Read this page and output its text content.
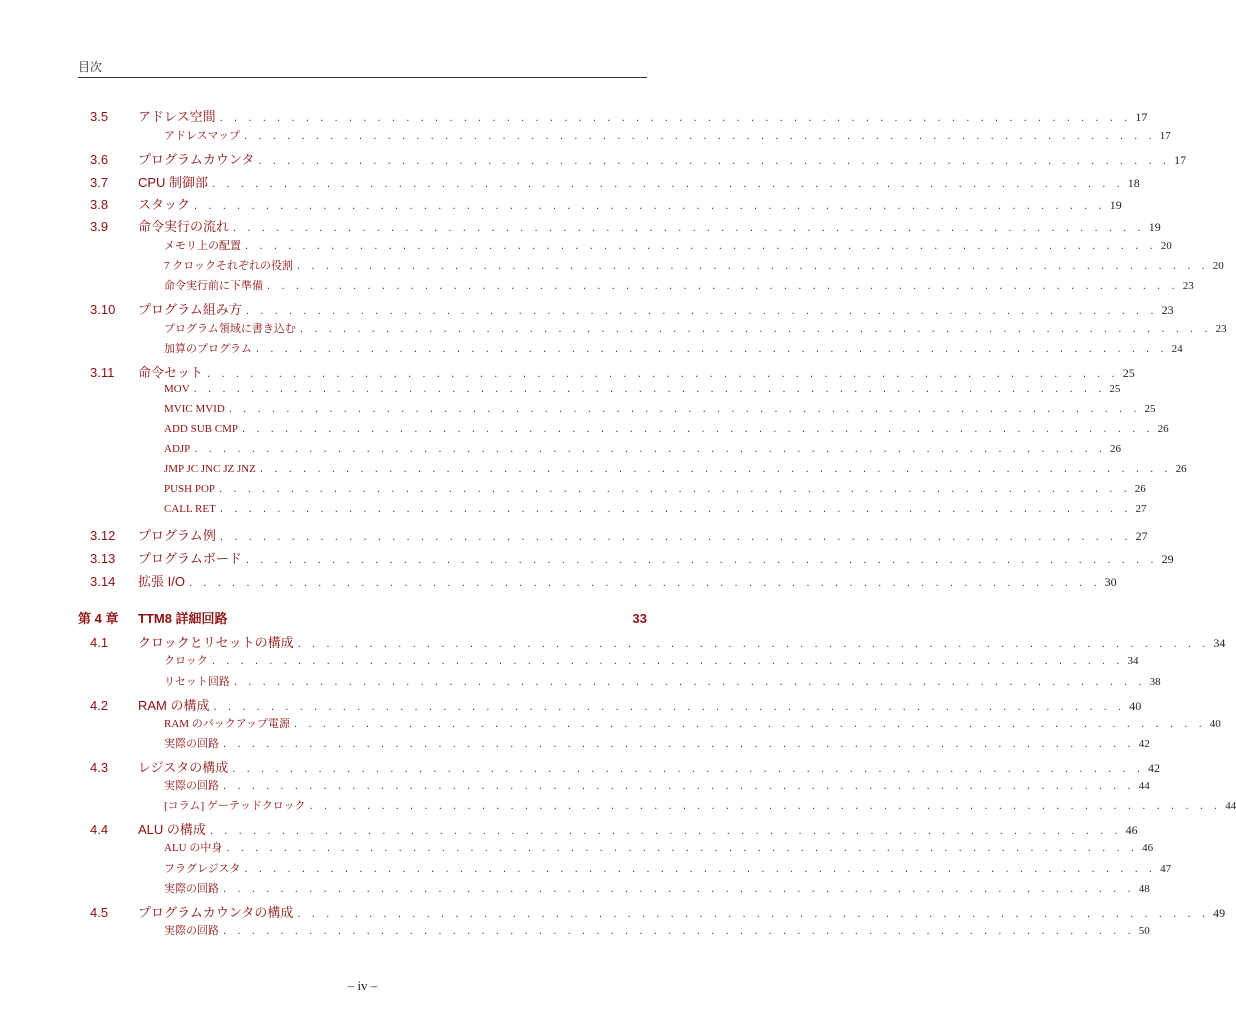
目次
3.5	アドレス空間 . . . . . . . . . . . . . . . . . . . . . . . . . . . . . . . . . . . . . . . . . . . . . . . . . . . . . . . . . . . . . . . . 17
アドレスマップ . . . . . . . . . . . . . . . . . . . . . . . . . . . . . . . . . . . . . . . . . . . . . . . . . . . . . . . . . . . . . . . . 17
3.6	プログラムカウンタ . . . . . . . . . . . . . . . . . . . . . . . . . . . . . . . . . . . . . . . . . . . . . . . . . . . . . . . . . . . . . . . . 17
3.7	CPU 制御部 . . . . . . . . . . . . . . . . . . . . . . . . . . . . . . . . . . . . . . . . . . . . . . . . . . . . . . . . . . . . . . . . 18
3.8	スタック . . . . . . . . . . . . . . . . . . . . . . . . . . . . . . . . . . . . . . . . . . . . . . . . . . . . . . . . . . . . . . . . 19
3.9	命令実行の流れ . . . . . . . . . . . . . . . . . . . . . . . . . . . . . . . . . . . . . . . . . . . . . . . . . . . . . . . . . . . . . . . . 19
メモリ上の配置 . . . . . . . . . . . . . . . . . . . . . . . . . . . . . . . . . . . . . . . . . . . . . . . . . . . . . . . . . . . . . . . . 20
7 クロックそれぞれの役割 . . . . . . . . . . . . . . . . . . . . . . . . . . . . . . . . . . . . . . . . . . . . . . . . . . . . . . . . . . . . . . . . 20
命令実行前に下準備 . . . . . . . . . . . . . . . . . . . . . . . . . . . . . . . . . . . . . . . . . . . . . . . . . . . . . . . . . . . . . . . . 23
3.10	プログラム組み方 . . . . . . . . . . . . . . . . . . . . . . . . . . . . . . . . . . . . . . . . . . . . . . . . . . . . . . . . . . . . . . . . 23
プログラム領域に書き込む . . . . . . . . . . . . . . . . . . . . . . . . . . . . . . . . . . . . . . . . . . . . . . . . . . . . . . . . . . . . . . . . 23
加算のプログラム . . . . . . . . . . . . . . . . . . . . . . . . . . . . . . . . . . . . . . . . . . . . . . . . . . . . . . . . . . . . . . . . 24
3.11	命令セット . . . . . . . . . . . . . . . . . . . . . . . . . . . . . . . . . . . . . . . . . . . . . . . . . . . . . . . . . . . . . . . . 25
MOV . . . . . . . . . . . . . . . . . . . . . . . . . . . . . . . . . . . . . . . . . . . . . . . . . . . . . . . . . . . . . . . . 25
MVIC MVID . . . . . . . . . . . . . . . . . . . . . . . . . . . . . . . . . . . . . . . . . . . . . . . . . . . . . . . . . . . . . . . . 25
ADD SUB CMP . . . . . . . . . . . . . . . . . . . . . . . . . . . . . . . . . . . . . . . . . . . . . . . . . . . . . . . . . . . . . . . . 26
ADJP . . . . . . . . . . . . . . . . . . . . . . . . . . . . . . . . . . . . . . . . . . . . . . . . . . . . . . . . . . . . . . . . 26
JMP JC JNC JZ JNZ . . . . . . . . . . . . . . . . . . . . . . . . . . . . . . . . . . . . . . . . . . . . . . . . . . . . . . . . . . . . . . . . 26
PUSH POP . . . . . . . . . . . . . . . . . . . . . . . . . . . . . . . . . . . . . . . . . . . . . . . . . . . . . . . . . . . . . . . . 26
CALL RET . . . . . . . . . . . . . . . . . . . . . . . . . . . . . . . . . . . . . . . . . . . . . . . . . . . . . . . . . . . . . . . . 27
3.12	プログラム例 . . . . . . . . . . . . . . . . . . . . . . . . . . . . . . . . . . . . . . . . . . . . . . . . . . . . . . . . . . . . . . . . 27
3.13	プログラムボード . . . . . . . . . . . . . . . . . . . . . . . . . . . . . . . . . . . . . . . . . . . . . . . . . . . . . . . . . . . . . . . . 29
3.14	拡張 I/O . . . . . . . . . . . . . . . . . . . . . . . . . . . . . . . . . . . . . . . . . . . . . . . . . . . . . . . . . . . . . . . . 30
第 4 章	TTM8 詳細回路	33
4.1	クロックとリセットの構成 . . . . . . . . . . . . . . . . . . . . . . . . . . . . . . . . . . . . . . . . . . . . . . . . . . . . . . . . . . . . . . . . 34
クロック . . . . . . . . . . . . . . . . . . . . . . . . . . . . . . . . . . . . . . . . . . . . . . . . . . . . . . . . . . . . . . . . 34
リセット回路 . . . . . . . . . . . . . . . . . . . . . . . . . . . . . . . . . . . . . . . . . . . . . . . . . . . . . . . . . . . . . . . . 38
4.2	RAM の構成 . . . . . . . . . . . . . . . . . . . . . . . . . . . . . . . . . . . . . . . . . . . . . . . . . . . . . . . . . . . . . . . . 40
RAM のバックアップ電源 . . . . . . . . . . . . . . . . . . . . . . . . . . . . . . . . . . . . . . . . . . . . . . . . . . . . . . . . . . . . . . . . 40
実際の回路 . . . . . . . . . . . . . . . . . . . . . . . . . . . . . . . . . . . . . . . . . . . . . . . . . . . . . . . . . . . . . . . . 42
4.3	レジスタの構成 . . . . . . . . . . . . . . . . . . . . . . . . . . . . . . . . . . . . . . . . . . . . . . . . . . . . . . . . . . . . . . . . 42
実際の回路 . . . . . . . . . . . . . . . . . . . . . . . . . . . . . . . . . . . . . . . . . . . . . . . . . . . . . . . . . . . . . . . . 44
[コラム] ゲーテッドクロック . . . . . . . . . . . . . . . . . . . . . . . . . . . . . . . . . . . . . . . . . . . . . . . . . . . . . . . . . . . . . . . . 44
4.4	ALU の構成 . . . . . . . . . . . . . . . . . . . . . . . . . . . . . . . . . . . . . . . . . . . . . . . . . . . . . . . . . . . . . . . . 46
ALU の中身 . . . . . . . . . . . . . . . . . . . . . . . . . . . . . . . . . . . . . . . . . . . . . . . . . . . . . . . . . . . . . . . . 46
フラグレジスタ . . . . . . . . . . . . . . . . . . . . . . . . . . . . . . . . . . . . . . . . . . . . . . . . . . . . . . . . . . . . . . . . 47
実際の回路 . . . . . . . . . . . . . . . . . . . . . . . . . . . . . . . . . . . . . . . . . . . . . . . . . . . . . . . . . . . . . . . . 48
4.5	プログラムカウンタの構成 . . . . . . . . . . . . . . . . . . . . . . . . . . . . . . . . . . . . . . . . . . . . . . . . . . . . . . . . . . . . . . . . 49
実際の回路 . . . . . . . . . . . . . . . . . . . . . . . . . . . . . . . . . . . . . . . . . . . . . . . . . . . . . . . . . . . . . . . . 50
– iv –
